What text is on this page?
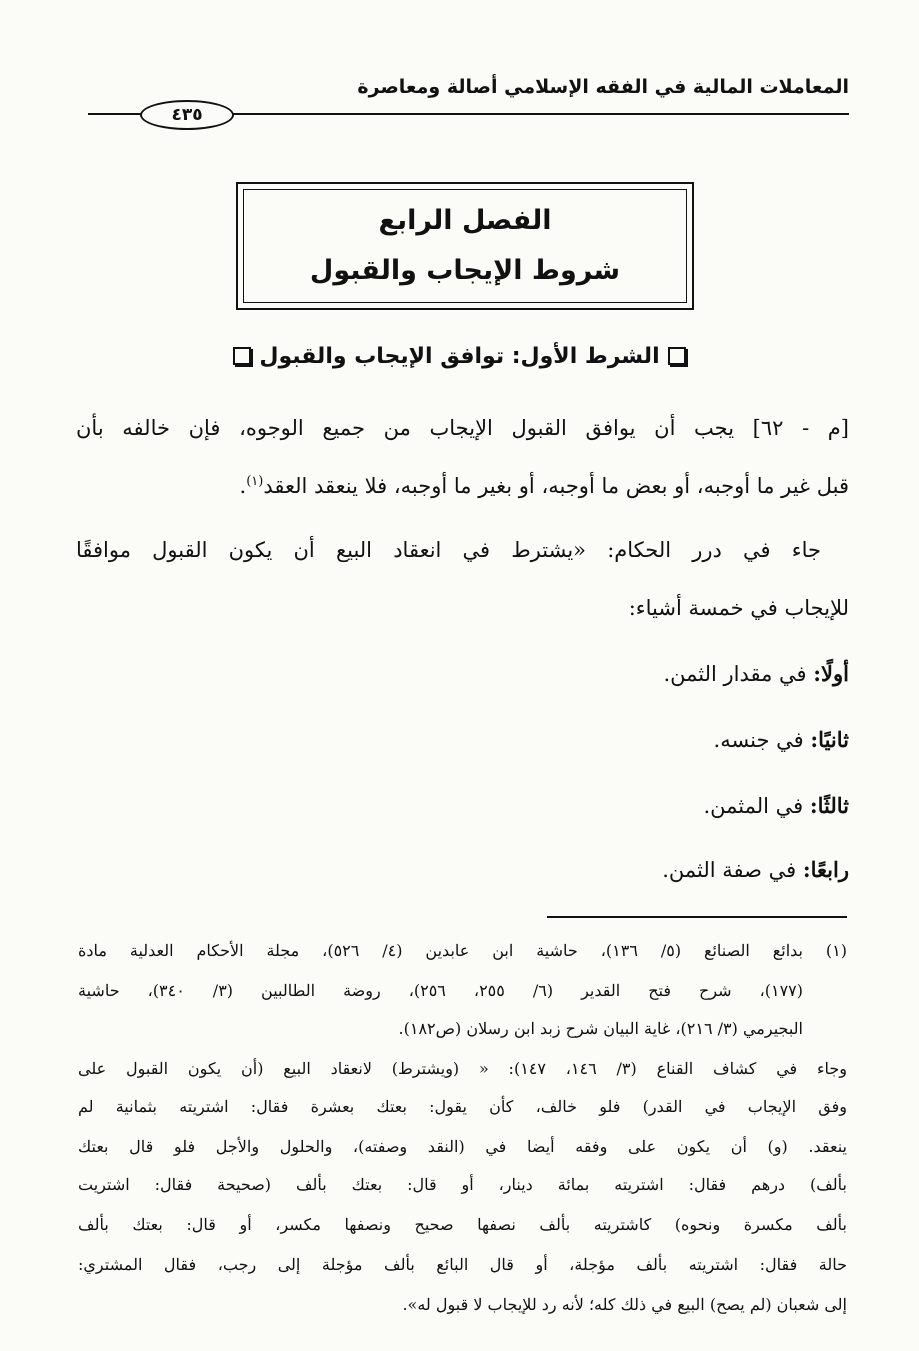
المعاملات المالية في الفقه الإسلامي أصالة ومعاصرة
٤٣٥
الفصل الرابع
شروط الإيجاب والقبول
الشرط الأول: توافق الإيجاب والقبول
[م - ٦٢] يجب أن يوافق القبول الإيجاب من جميع الوجوه، فإن خالفه بأن
قبل غير ما أوجبه، أو بعض ما أوجبه، أو بغير ما أوجبه، فلا ينعقد العقد$^{(١)}$.
جاء في درر الحكام: «يشترط في انعقاد البيع أن يكون القبول موافقًا
للإيجاب في خمسة أشياء:
أولًا: في مقدار الثمن.
ثانيًا: في جنسه.
ثالثًا: في المثمن.
رابعًا: في صفة الثمن.
(١)
بدائع الصنائع (٥/ ١٣٦)، حاشية ابن عابدين (٤/ ٥٢٦)، مجلة الأحكام العدلية مادة
(١٧٧)، شرح فتح القدير (٦/ ٢٥٥، ٢٥٦)، روضة الطالبين (٣/ ٣٤٠)، حاشية
البجيرمي (٣/ ٢١٦)، غاية البيان شرح زبد ابن رسلان (ص١٨٢).
وجاء في كشاف القناع (٣/ ١٤٦، ١٤٧): « (ويشترط) لانعقاد البيع (أن يكون القبول على
وفق الإيجاب في القدر) فلو خالف، كأن يقول: بعتك بعشرة فقال: اشتريته بثمانية لم
ينعقد. (و) أن يكون على وفقه أيضا في (النقد وصفته)، والحلول والأجل فلو قال بعتك
بألف) درهم فقال: اشتريته بمائة دينار، أو قال: بعتك بألف (صحيحة فقال: اشتريت
بألف مكسرة ونحوه) كاشتريته بألف نصفها صحيح ونصفها مكسر، أو قال: بعتك بألف
حالة فقال: اشتريته بألف مؤجلة، أو قال البائع بألف مؤجلة إلى رجب، فقال المشتري:
إلى شعبان (لم يصح) البيع في ذلك كله؛ لأنه رد للإيجاب لا قبول له».
